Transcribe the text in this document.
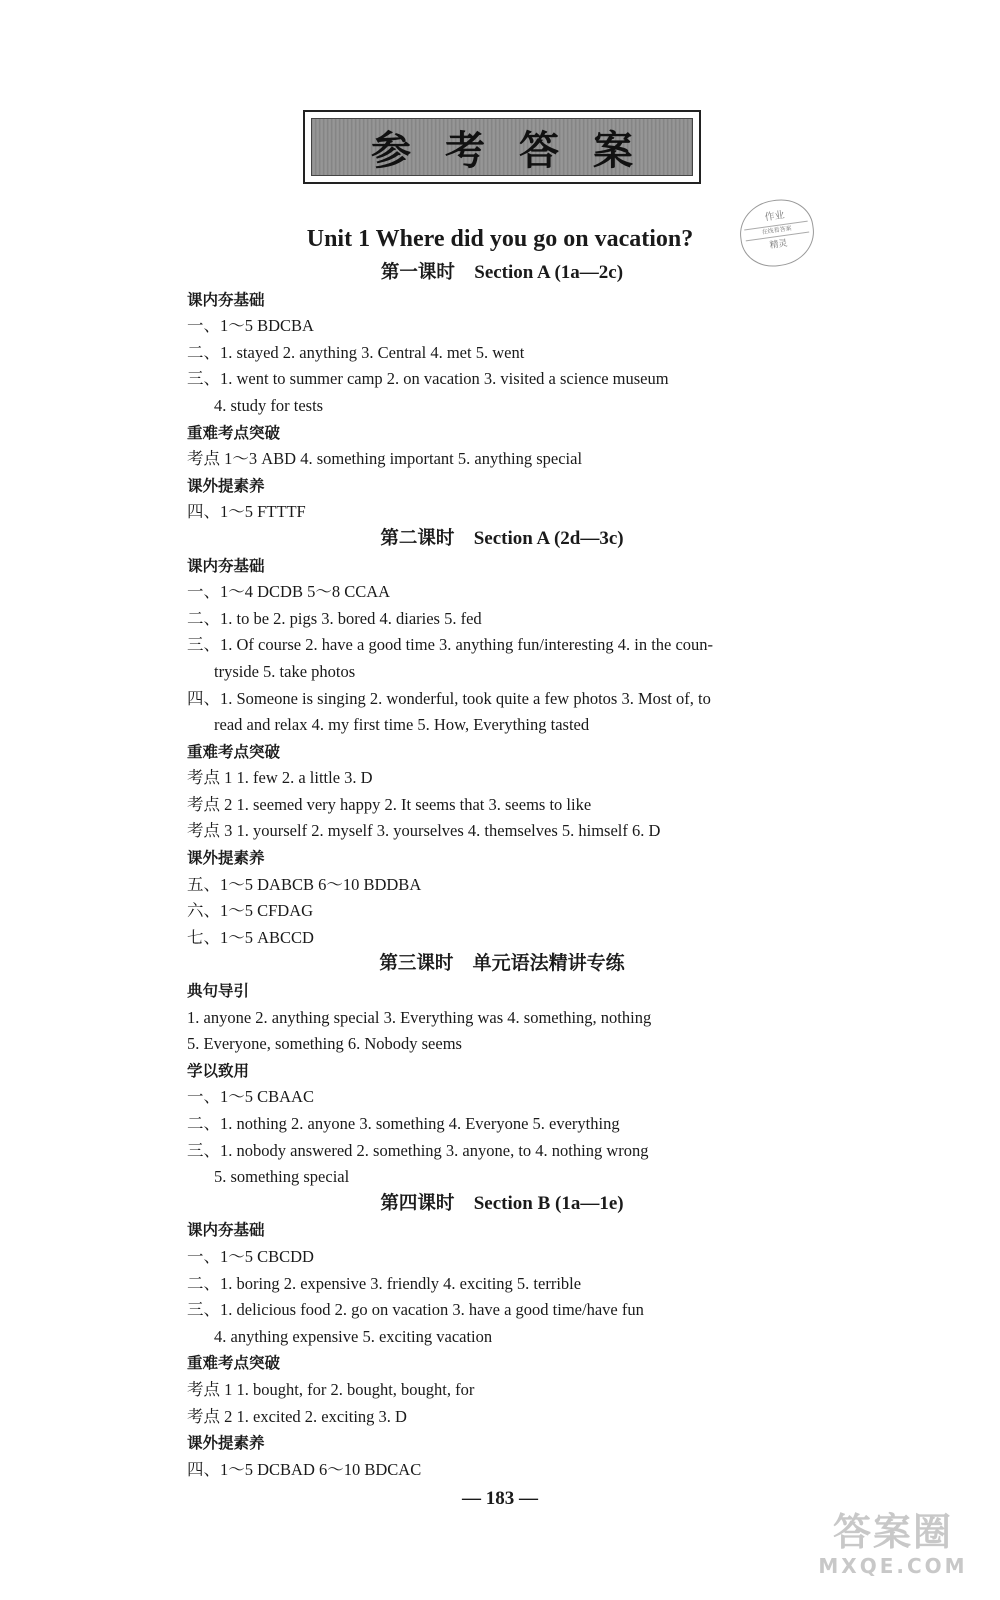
参考答案
作业
在线看答案
精灵
Unit 1 Where did you go on vacation?
第一课时 Section A (1a—2c)
课内夯基础
一、1～5 BDCBA
二、1. stayed 2. anything 3. Central 4. met 5. went
三、1. went to summer camp 2. on vacation 3. visited a science museum
4. study for tests
重难考点突破
考点 1～3 ABD 4. something important 5. anything special
课外提素养
四、1～5 FTTTF
第二课时 Section A (2d—3c)
课内夯基础
一、1～4 DCDB 5～8 CCAA
二、1. to be 2. pigs 3. bored 4. diaries 5. fed
三、1. Of course 2. have a good time 3. anything fun/interesting 4. in the coun-
tryside 5. take photos
四、1. Someone is singing 2. wonderful, took quite a few photos 3. Most of, to
read and relax 4. my first time 5. How, Everything tasted
重难考点突破
考点 1 1. few 2. a little 3. D
考点 2 1. seemed very happy 2. It seems that 3. seems to like
考点 3 1. yourself 2. myself 3. yourselves 4. themselves 5. himself 6. D
课外提素养
五、1～5 DABCB 6～10 BDDBA
六、1～5 CFDAG
七、1～5 ABCCD
第三课时 单元语法精讲专练
典句导引
1. anyone 2. anything special 3. Everything was 4. something, nothing
5. Everyone, something 6. Nobody seems
学以致用
一、1～5 CBAAC
二、1. nothing 2. anyone 3. something 4. Everyone 5. everything
三、1. nobody answered 2. something 3. anyone, to 4. nothing wrong
5. something special
第四课时 Section B (1a—1e)
课内夯基础
一、1～5 CBCDD
二、1. boring 2. expensive 3. friendly 4. exciting 5. terrible
三、1. delicious food 2. go on vacation 3. have a good time/have fun
4. anything expensive 5. exciting vacation
重难考点突破
考点 1 1. bought, for 2. bought, bought, for
考点 2 1. excited 2. exciting 3. D
课外提素养
四、1～5 DCBAD 6～10 BDCAC
— 183 —
答案圈
MXQE.COM
